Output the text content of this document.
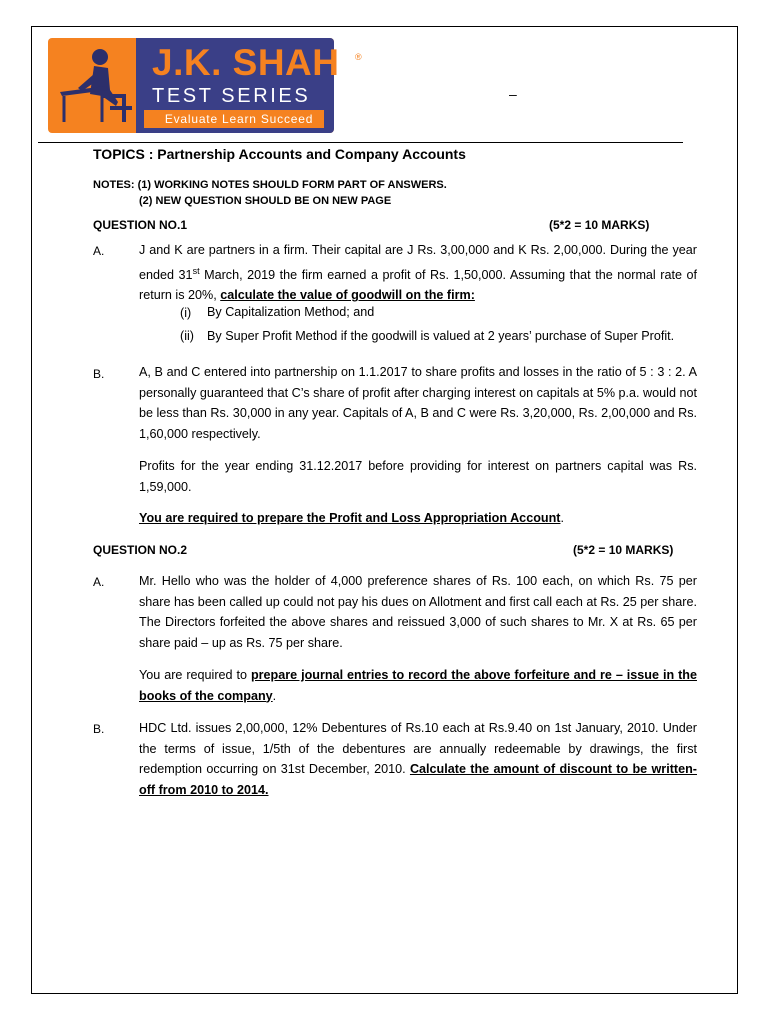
J.K. SHAH ®
TEST SERIES
Evaluate Learn Succeed
–
TOPICS : Partnership Accounts and Company Accounts
NOTES: (1) WORKING NOTES SHOULD FORM PART OF ANSWERS.
(2) NEW QUESTION SHOULD BE ON NEW PAGE
QUESTION NO.1	(5*2 = 10 MARKS)
A.	J and K are partners in a firm. Their capital are J Rs. 3,00,000 and K Rs. 2,00,000. During the year ended 31st March, 2019 the firm earned a profit of Rs. 1,50,000. Assuming that the normal rate of return is 20%, calculate the value of goodwill on the firm:

(i) By Capitalization Method; and

(ii) By Super Profit Method if the goodwill is valued at 2 years’ purchase of Super Profit.

B.	A, B and C entered into partnership on 1.1.2017 to share profits and losses in the ratio of 5 : 3 : 2. A personally guaranteed that C’s share of profit after charging interest on capitals at 5% p.a. would not be less than Rs. 30,000 in any year. Capitals of A, B and C were Rs. 3,20,000, Rs. 2,00,000 and Rs. 1,60,000 respectively.

Profits for the year ending 31.12.2017 before providing for interest on partners capital was Rs. 1,59,000.

You are required to prepare the Profit and Loss Appropriation Account.

QUESTION NO.2	(5*2 = 10 MARKS)
A.	Mr. Hello who was the holder of 4,000 preference shares of Rs. 100 each, on which Rs. 75 per share has been called up could not pay his dues on Allotment and first call each at Rs. 25 per share. The Directors forfeited the above shares and reissued 3,000 of such shares to Mr. X at Rs. 65 per share paid – up as Rs. 75 per share.

You are required to prepare journal entries to record the above forfeiture and re – issue in the books of the company.

B.	HDC Ltd. issues 2,00,000, 12% Debentures of Rs.10 each at Rs.9.40 on 1st January, 2010. Under the terms of issue, 1/5th of the debentures are annually redeemable by drawings, the first redemption occurring on 31st December, 2010. Calculate the amount of discount to be written-off from 2010 to 2014.
